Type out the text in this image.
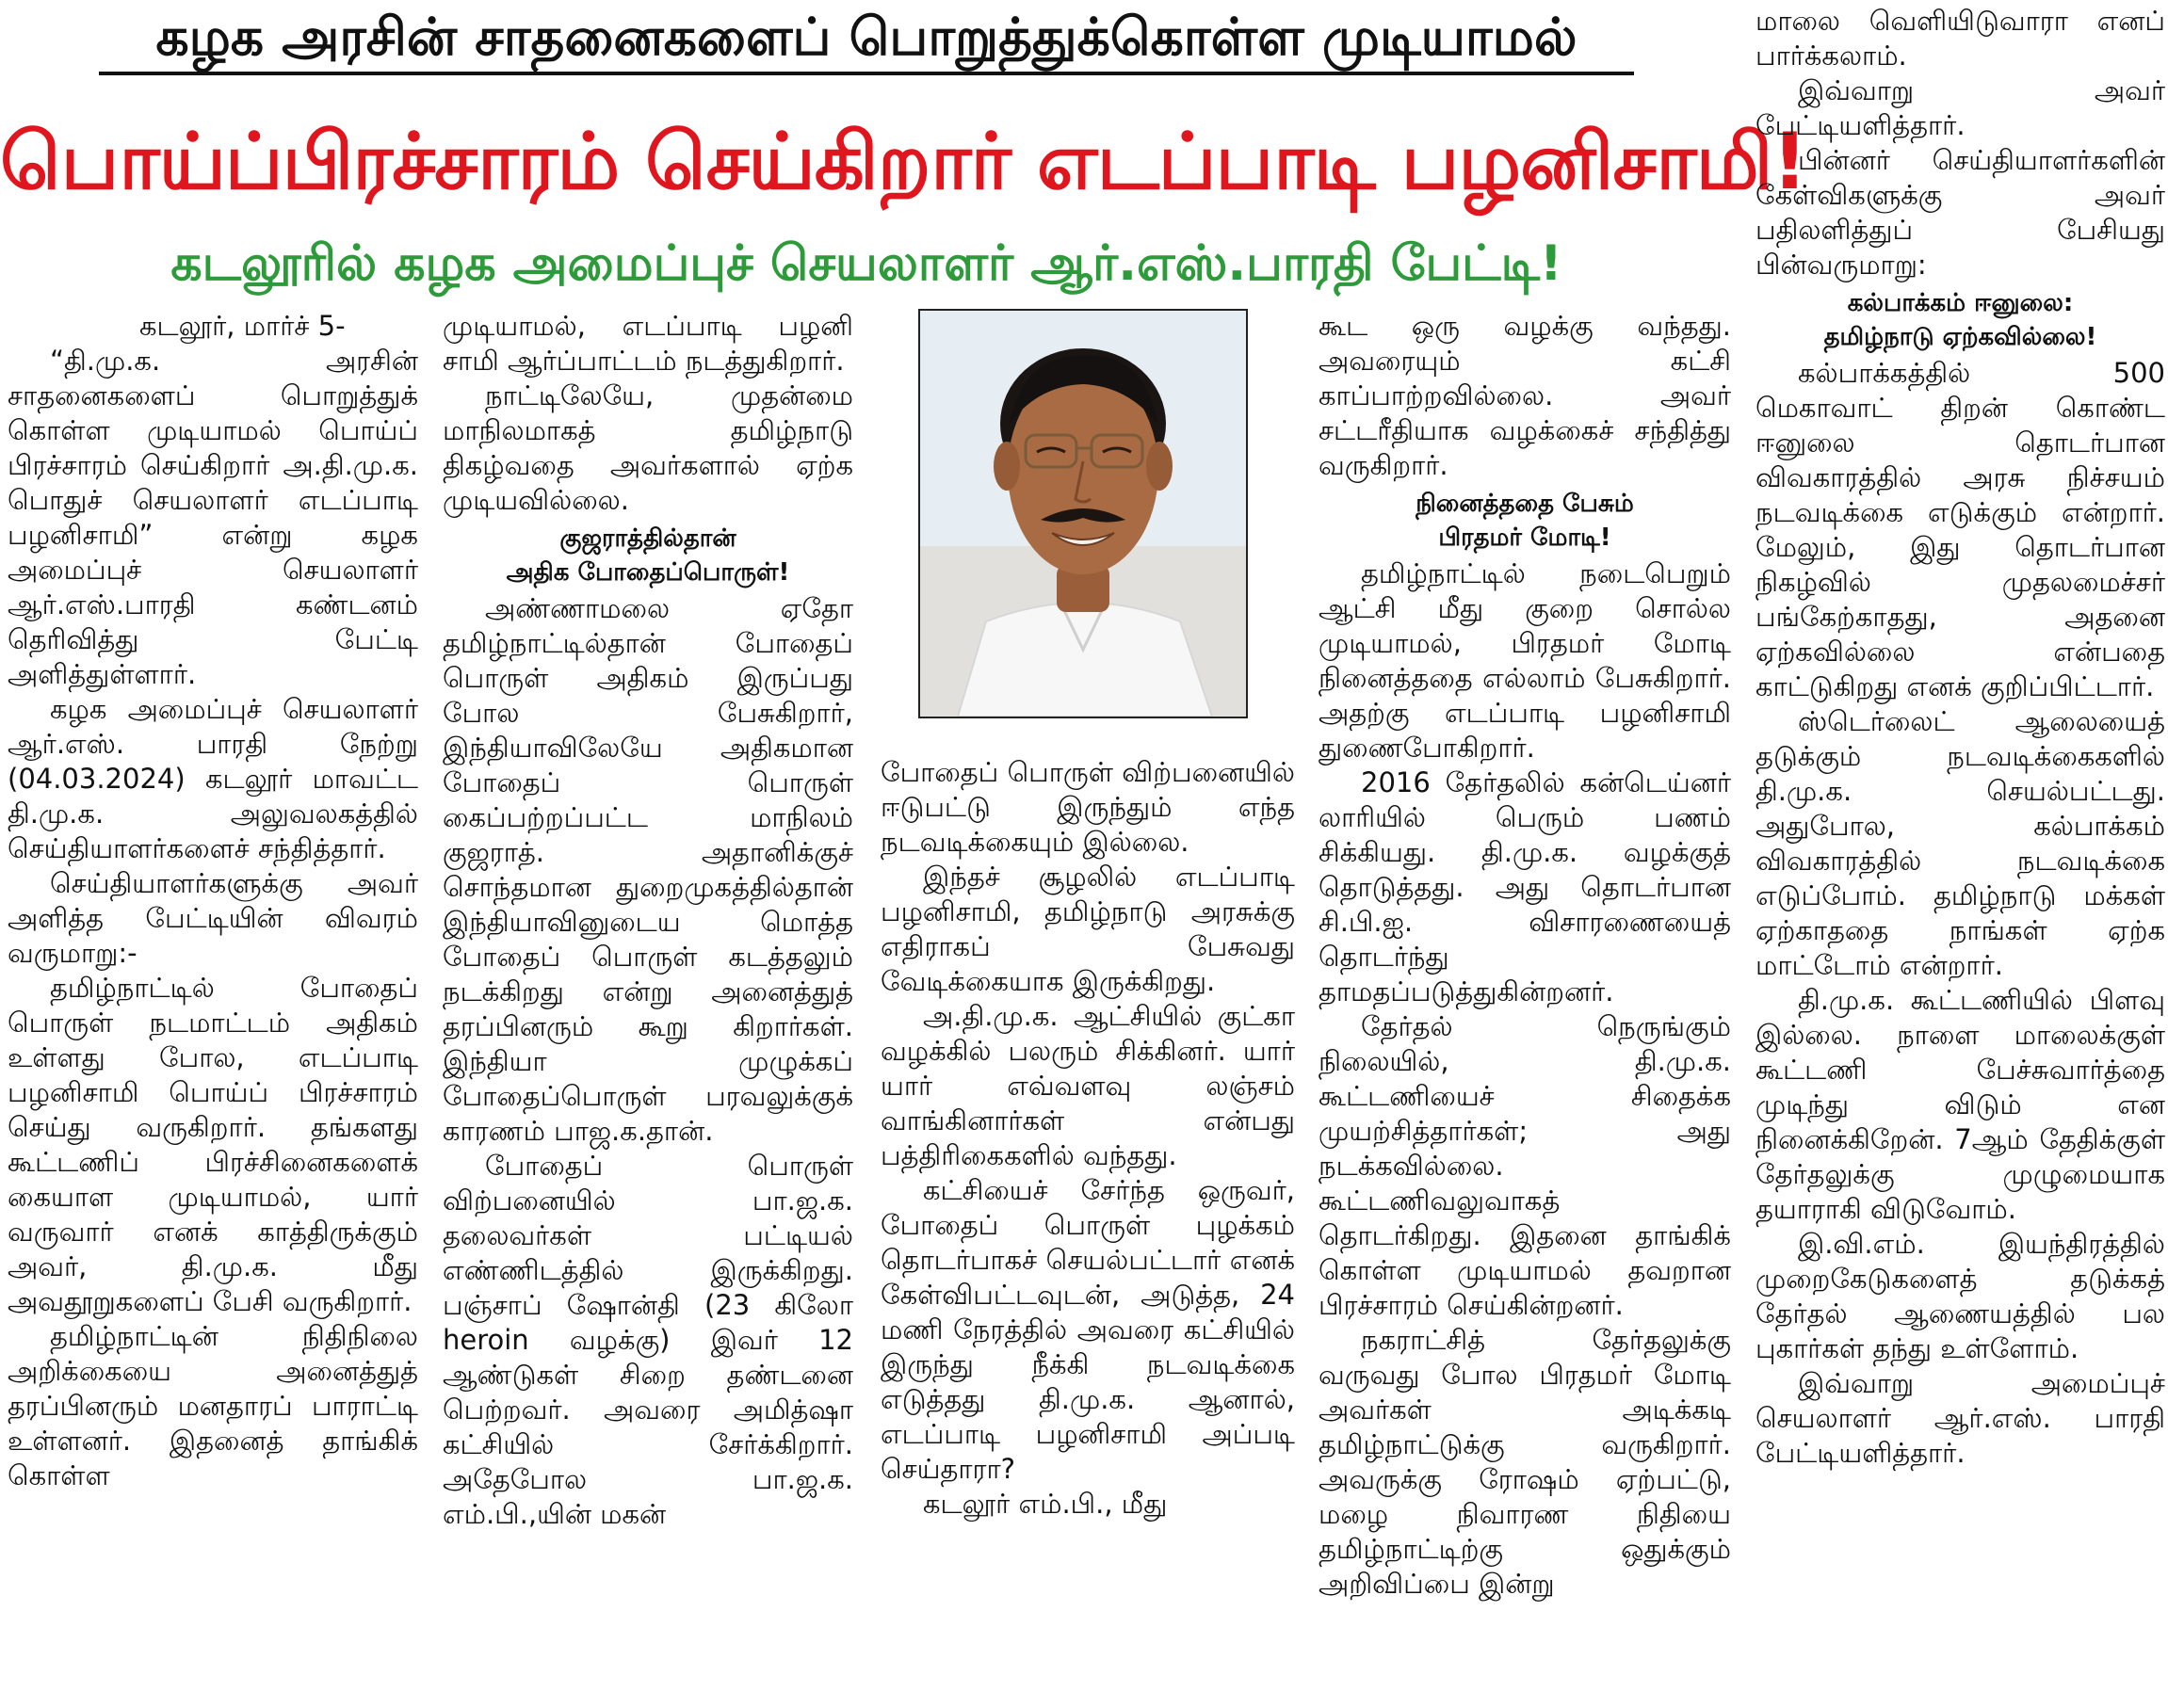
கழக அரசின் சாதனைகளைப் பொறுத்துக்கொள்ள முடியாமல்
பொய்ப்பிரச்சாரம் செய்கிறார் எடப்பாடி பழனிசாமி!
கடலூரில் கழக அமைப்புச் செயலாளர் ஆர்.எஸ்.பாரதி பேட்டி!

கடலூர், மார்ச் 5-

“தி.மு.க. அரசின் சாதனைகளைப் பொறுத்துக் கொள்ள முடியாமல் பொய்ப் பிரச்சாரம் செய்கிறார் அ.தி.மு.க. பொதுச் செயலாளர் எடப்பாடி பழனிசாமி” என்று கழக அமைப்புச் செயலாளர் ஆர்.எஸ்.பாரதி கண்டனம் தெரிவித்து பேட்டி அளித்துள்ளார்.

கழக அமைப்புச் செயலாளர் ஆர்.எஸ். பாரதி நேற்று (04.03.2024) கடலூர் மாவட்ட தி.மு.க. அலுவலகத்தில் செய்தியாளர்களைச் சந்தித்தார்.

செய்தியாளர்களுக்கு அவர் அளித்த பேட்டியின் விவரம் வருமாறு:-

தமிழ்நாட்டில் போதைப் பொருள் நடமாட்டம் அதிகம் உள்ளது போல, எடப்பாடி பழனிசாமி பொய்ப் பிரச்சாரம் செய்து வருகிறார். தங்களது கூட்டணிப் பிரச்சினைகளைக் கையாள முடியாமல், யார் வருவார் எனக் காத்திருக்கும் அவர், தி.மு.க. மீது அவதூறுகளைப் பேசி வருகிறார்.

தமிழ்நாட்டின் நிதிநிலை அறிக்கையை அனைத்துத் தரப்பினரும் மனதாரப் பாராட்டி உள்ளனர். இதனைத் தாங்கிக் கொள்ள

முடியாமல், எடப்பாடி பழனி சாமி ஆர்ப்பாட்டம் நடத்துகிறார்.

நாட்டிலேயே, முதன்மை மாநிலமாகத் தமிழ்நாடு திகழ்வதை அவர்களால் ஏற்க முடியவில்லை.

குஜராத்தில்தான்
அதிக போதைப்பொருள்!

அண்ணாமலை ஏதோ தமிழ்நாட்டில்தான் போதைப் பொருள் அதிகம் இருப்பது போல பேசுகிறார், இந்தியாவிலேயே அதிகமான போதைப் பொருள் கைப்பற்றப்பட்ட மாநிலம் குஜராத். அதானிக்குச் சொந்தமான துறைமுகத்தில்தான் இந்தியாவினுடைய மொத்த போதைப் பொருள் கடத்தலும் நடக்கிறது என்று அனைத்துத் தரப்பினரும் கூறு கிறார்கள். இந்தியா முழுக்கப் போதைப்பொருள் பரவலுக்குக் காரணம் பாஜ.க.தான்.

போதைப் பொருள் விற்பனையில் பா.ஜ.க. தலைவர்கள் பட்டியல் எண்ணிடத்தில் இருக்கிறது. பஞ்சாப் ஷோன்தி (23 கிலோ heroin வழக்கு) இவர் 12 ஆண்டுகள் சிறை தண்டனை பெற்றவர். அவரை அமித்ஷா கட்சியில் சேர்க்கிறார். அதேபோல பா.ஜ.க. எம்.பி.,யின் மகன்

போதைப் பொருள் விற்பனையில் ஈடுபட்டு இருந்தும் எந்த நடவடிக்கையும் இல்லை.

இந்தச் சூழலில் எடப்பாடி பழனிசாமி, தமிழ்நாடு அரசுக்கு எதிராகப் பேசுவது வேடிக்கையாக இருக்கிறது.

அ.தி.மு.க. ஆட்சியில் குட்கா வழக்கில் பலரும் சிக்கினர். யார் யார் எவ்வளவு லஞ்சம் வாங்கினார்கள் என்பது பத்திரிகைகளில் வந்தது.

கட்சியைச் சேர்ந்த ஒருவர், போதைப் பொருள் புழக்கம் தொடர்பாகச் செயல்பட்டார் எனக் கேள்விபட்டவுடன், அடுத்த, 24 மணி நேரத்தில் அவரை கட்சியில் இருந்து நீக்கி நடவடிக்கை எடுத்தது தி.மு.க. ஆனால், எடப்பாடி பழனிசாமி அப்படி செய்தாரா?

கடலூர் எம்.பி., மீது

கூட ஒரு வழக்கு வந்தது. அவரையும் கட்சி காப்பாற்றவில்லை. அவர் சட்டரீதியாக வழக்கைச் சந்தித்து வருகிறார்.

நினைத்ததை பேசும்
பிரதமர் மோடி!

தமிழ்நாட்டில் நடைபெறும் ஆட்சி மீது குறை சொல்ல முடியாமல், பிரதமர் மோடி நினைத்ததை எல்லாம் பேசுகிறார். அதற்கு எடப்பாடி பழனிசாமி துணைபோகிறார்.

2016 தேர்தலில் கன்டெய்னர் லாரியில் பெரும் பணம் சிக்கியது. தி.மு.க. வழக்குத் தொடுத்தது. அது தொடர்பான சி.பி.ஐ. விசாரணையைத் தொடர்ந்து தாமதப்படுத்துகின்றனர்.

தேர்தல் நெருங்கும் நிலையில், தி.மு.க. கூட்டணியைச் சிதைக்க முயற்சித்தார்கள்; அது நடக்கவில்லை. கூட்டணிவலுவாகத் தொடர்கிறது. இதனை தாங்கிக் கொள்ள முடியாமல் தவறான பிரச்சாரம் செய்கின்றனர்.

நகராட்சித் தேர்தலுக்கு வருவது போல பிரதமர் மோடி அவர்கள் அடிக்கடி தமிழ்நாட்டுக்கு வருகிறார். அவருக்கு ரோஷம் ஏற்பட்டு, மழை நிவாரண நிதியை தமிழ்நாட்டிற்கு ஒதுக்கும் அறிவிப்பை இன்று

மாலை வெளியிடுவாரா எனப் பார்க்கலாம்.

இவ்வாறு அவர் பேட்டியளித்தார்.

பின்னர் செய்தியாளர்களின் கேள்விகளுக்கு அவர் பதிலளித்துப் பேசியது பின்வருமாறு:

கல்பாக்கம் ஈனுலை:
தமிழ்நாடு ஏற்கவில்லை!

கல்பாக்கத்தில் 500 மெகாவாட் திறன் கொண்ட ஈனுலை தொடர்பான விவகாரத்தில் அரசு நிச்சயம் நடவடிக்கை எடுக்கும் என்றார். மேலும், இது தொடர்பான நிகழ்வில் முதலமைச்சர் பங்கேற்காதது, அதனை ஏற்கவில்லை என்பதை காட்டுகிறது எனக் குறிப்பிட்டார்.

ஸ்டெர்லைட் ஆலையைத் தடுக்கும் நடவடிக்கைகளில் தி.மு.க. செயல்பட்டது. அதுபோல, கல்பாக்கம் விவகாரத்தில் நடவடிக்கை எடுப்போம். தமிழ்நாடு மக்கள் ஏற்காததை நாங்கள் ஏற்க மாட்டோம் என்றார்.

தி.மு.க. கூட்டணியில் பிளவு இல்லை. நாளை மாலைக்குள் கூட்டணி பேச்சுவார்த்தை முடிந்து விடும் என நினைக்கிறேன். 7ஆம் தேதிக்குள் தேர்தலுக்கு முழுமையாக தயாராகி விடுவோம்.

இ.வி.எம். இயந்திரத்தில் முறைகேடுகளைத் தடுக்கத் தேர்தல் ஆணையத்தில் பல புகார்கள் தந்து உள்ளோம்.

இவ்வாறு அமைப்புச் செயலாளர் ஆர்.எஸ். பாரதி பேட்டியளித்தார்.
